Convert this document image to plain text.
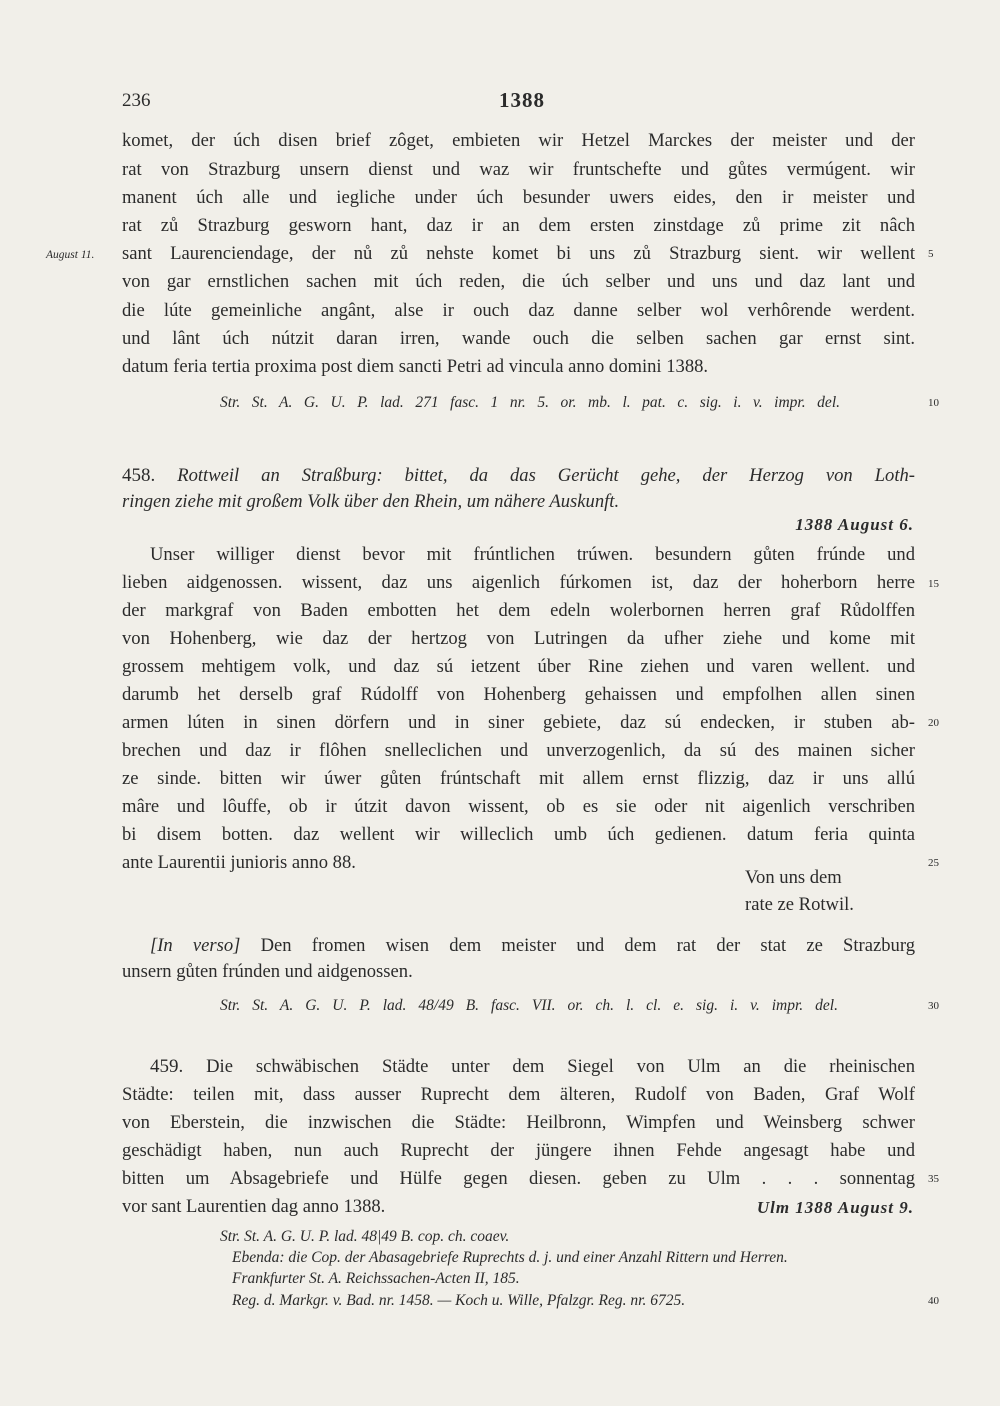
236	1388
komet, der úch disen brief zôget, embieten wir Hetzel Marckes der meister und der
rat von Strazburg unsern dienst und waz wir fruntschefte und gůtes vermúgent. wir
manent úch alle und iegliche under úch besunder uwers eides, den ir meister und
rat zů Strazburg gesworn hant, daz ir an dem ersten zinstdage zů prime zit nâch
August 11. sant Laurenciendage, der nů zů nehste komet bi uns zů Strazburg sient. wir wellent 5
von gar ernstlichen sachen mit úch reden, die úch selber und uns und daz lant und
die lúte gemeinliche angânt, alse ir ouch daz danne selber wol verhôrende werdent.
und lânt úch nútzit daran irren, wande ouch die selben sachen gar ernst sint.
datum feria tertia proxima post diem sancti Petri ad vincula anno domini 1388.
Str. St. A. G. U. P. lad. 271 fasc. 1 nr. 5. or. mb. l. pat. c. sig. i. v. impr. del.	10
458. Rottweil an Straßburg: bittet, da das Gerücht gehe, der Herzog von Loth-
ringen ziehe mit großem Volk über den Rhein, um nähere Auskunft.
1388 August 6.
Unser williger dienst bevor mit frúntlichen trúwen. besundern gůten frúnde und
lieben aidgenossen. wissent, daz uns aigenlich fúrkomen ist, daz der hoherborn herre 15
der markgraf von Baden embotten het dem edeln wolerbornen herren graf Růdolffen
von Hohenberg, wie daz der hertzog von Lutringen da ufher ziehe und kome mit
grossem mehtigem volk, und daz sú ietzent úber Rine ziehen und varen wellent. und
darumb het derselb graf Rúdolff von Hohenberg gehaissen und empfolhen allen sinen
armen lúten in sinen dörfern und in siner gebiete, daz sú endecken, ir stuben ab- 20
brechen und daz ir flôhen snelleclichen und unverzogenlich, da sú des mainen sicher
ze sinde. bitten wir úwer gůten frúntschaft mit allem ernst flizzig, daz ir uns allú
mâre und lôuffe, ob ir útzit davon wissent, ob es sie oder nit aigenlich verschriben
bi disem botten. daz wellent wir willeclich umb úch gedienen. datum feria quinta
ante Laurentii junioris anno 88.	25
Von uns dem
rate ze Rotwil.
[In verso] Den fromen wisen dem meister und dem rat der stat ze Strazburg
unsern gůten frúnden und aidgenossen.
Str. St. A. G. U. P. lad. 48/49 B. fasc. VII. or. ch. l. cl. e. sig. i. v. impr. del.	30
459. Die schwäbischen Städte unter dem Siegel von Ulm an die rheinischen
Städte: teilen mit, dass ausser Ruprecht dem älteren, Rudolf von Baden, Graf Wolf
von Eberstein, die inzwischen die Städte: Heilbronn, Wimpfen und Weinsberg schwer
geschädigt haben, nun auch Ruprecht der jüngere ihnen Fehde angesagt habe und
bitten um Absagebriefe und Hülfe gegen diesen. geben zu Ulm . . . sonnentag 35
vor sant Laurentien dag anno 1388.	Ulm 1388 August 9.
Str. St. A. G. U. P. lad. 48|49 B. cop. ch. coaev.
Ebenda: die Cop. der Abasagebriefe Ruprechts d. j. und einer Anzahl Rittern und Herren.
Frankfurter St. A. Reichssachen-Acten II, 185.
Reg. d. Markgr. v. Bad. nr. 1458. — Koch u. Wille, Pfalzgr. Reg. nr. 6725.	40
